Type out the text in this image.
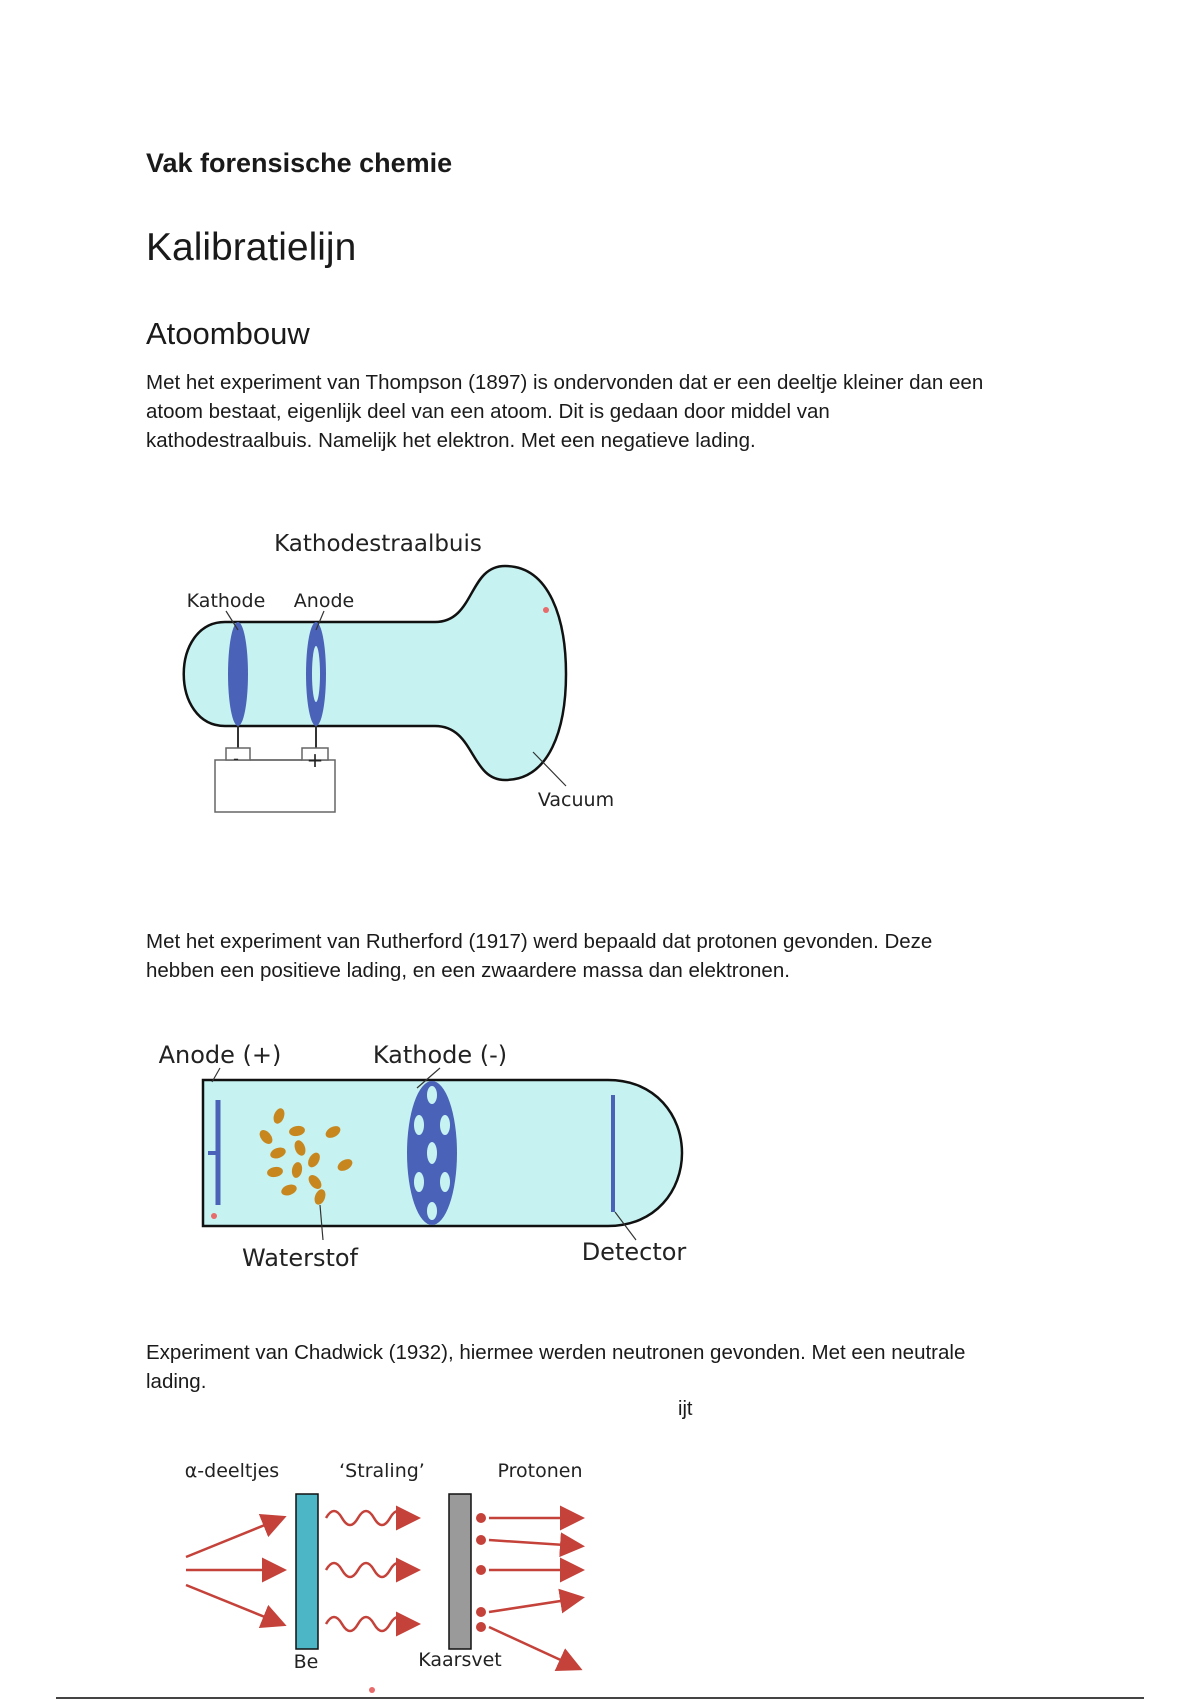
Vak forensische chemie
Kalibratielijn
Atoombouw

Met het experiment van Thompson (1897) is ondervonden dat er een deeltje kleiner dan een
atoom bestaat, eigenlijk deel van een atoom. Dit is gedaan door middel van
kathodestraalbuis. Namelijk het elektron. Met een negatieve lading.

Kathodestraalbuis
Kathode Anode
-	+
Vacuum

Met het experiment van Rutherford (1917) werd bepaald dat protonen gevonden. Deze
hebben een positieve lading, en een zwaardere massa dan elektronen.

Anode (+)	Kathode (-)
Waterstof	Detector

Experiment van Chadwick (1932), hiermee werden neutronen gevonden. Met een neutrale
lading.

ijt
α-deeltjes	‘Straling’	Protonen
Be	Kaarsvet
